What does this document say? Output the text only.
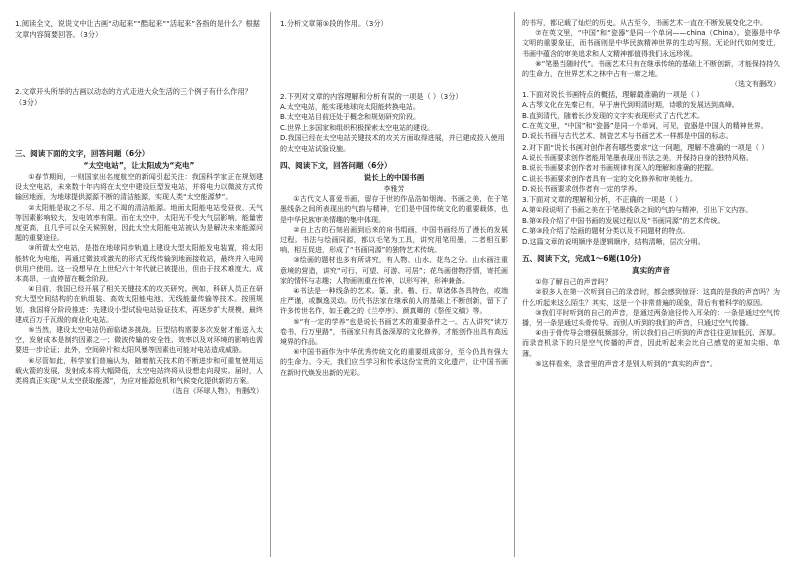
1.阅读全文，说说文中让古画“动起来”“酷起来”“活起来”各指的是什么？根据文章内容简要回答。（3分）

2.文章开头所举的古画以动态的方式走进大众生活的三个例子有什么作用？（3分）

三、阅读下面的文字，回答问题（6分）

“太空电站”，让太阳成为“充电”

①春节期间，一则国家出名度航空的新闻引起关注：我国科学家正在规划建设太空电站，未来数十年内将在太空中建设巨型发电站，并将电力以微波方式传输回地面，为地球提供源源不断的清洁能源，实现人类“太空能源梦”。

②太阳能是取之不尽、用之不竭的清洁能源。地面太阳能电站受昼夜、天气等因素影响较大，发电效率有限。而在太空中，太阳光不受大气层影响，能量密度更高，且几乎可以全天候照射，因此太空太阳能电站被认为是解决未来能源问题的重要途径。

③所谓太空电站，是指在地球同步轨道上建设大型太阳能发电装置，将太阳能转化为电能，再通过微波或激光的形式无线传输到地面接收站，最终并入电网供用户使用。这一设想早在上世纪六十年代就已被提出，但由于技术难度大、成本高昂，一直停留在概念阶段。

④目前，我国已经开展了相关关键技术的攻关研究。例如，科研人员正在研究大型空间结构的在轨组装、高效太阳能电池、无线能量传输等技术。按照规划，我国将分阶段推进：先建设小型试验电站验证技术，再逐步扩大规模，最终建成百万千瓦级的商业化电站。

⑤当然，建设太空电站仍面临诸多挑战。巨型结构需要多次发射才能送入太空，发射成本是制约因素之一；微波传输的安全性、效率以及对环境的影响也需要进一步论证；此外，空间碎片和太阳风暴等因素也可能对电站造成威胁。

⑥尽管如此，科学家们普遍认为，随着航天技术的不断进步和可重复使用运载火箭的发展，发射成本将大幅降低，太空电站终将从设想走向现实。届时，人类将真正实现“从太空获取能源”，为应对能源危机和气候变化提供新的方案。

（选自《环球人物》，有删改）

1.分析文章第⑤段的作用。（3分）

2.下列对文章的内容理解和分析有误的一项是（ ）（3分）

A.太空电站，能实现地球向太阳能转换电站。

B.太空电站目前还处于概念和规划研究阶段。

C.世界上多国家和组织积极探索太空电站的建设。

D.我国已经在太空电站关键技术的攻关方面取得进展，并已建成投入使用的太空电站试验设施。

四、阅读下文，回答问题（6分）

说长上的中国书画

李雅芳

①古代文人喜爱书画，留存于世的作品浩如烟海。书画之美，在于笔墨线条之间所表现出的气韵与精神，它们是中国传统文化的重要载体，也是中华民族审美情趣的集中体现。

②自上古的石刻岩画到后来的帛书绢画，中国书画经历了漫长的发展过程。书法与绘画同源，都以毛笔为工具，讲究用笔用墨，二者相互影响、相互促进，形成了“书画同源”的独特艺术传统。

③绘画的题材也多有所讲究，有人物、山水、花鸟之分。山水画注重意境的营造，讲究“可行、可望、可游、可居”；花鸟画借物抒情，寄托画家的情怀与志趣；人物画则重在传神，以形写神，形神兼备。

④书法是一种线条的艺术。篆、隶、楷、行、草诸体各具特色，或端庄严谨，或飘逸灵动。历代书法家在继承前人的基础上不断创新，留下了许多传世名作，如王羲之的《兰亭序》、颜真卿的《祭侄文稿》等。

⑤“有一定的学养”也是说长书画艺术的重要条件之一。古人讲究“读万卷书，行万里路”，书画家只有具备深厚的文化修养，才能创作出具有高远境界的作品。

⑥中国书画作为中华优秀传统文化的重要组成部分，至今仍具有强大的生命力。今天，我们应当学习和传承这份宝贵的文化遗产，让中国书画在新时代焕发出新的光彩。

的书写，都记载了灿烂的历史。从古至今，书画艺术一直在不断发展变化之中。

⑦在英文里，“中国”和“瓷器”是同一个单词——china（China）。瓷器是中华文明的重要象征，而书画则是中华民族精神世界的生动写照。无论时代如何变迁，书画中蕴含的审美追求和人文精神都值得我们永远珍视。

⑧“笔墨当随时代”。书画艺术只有在继承传统的基础上不断创新，才能保持持久的生命力，在世界艺术之林中占有一席之地。

（选文有删改）

1.下面对说长书画特点的概括，理解最准确的一项是（ ）

A.古琴文化在先秦已有，早于唐代到明清时期，诗歌的发展达到高峰。

B.直到清代，随着长沙发现的文字实表现形式了古代艺术。

C.在英文里，“中国”和“瓷器”是同一个单词，可见，瓷器是中国人的精神世界。

D.说长书画与古代艺术、制瓷艺术与书画艺术一样都是中国的标志。

2.对下面“说长书画对创作者有哪些要求”这一问题，理解不准确的一项是（ ）

A.说长书画要求创作者能用笔墨表现出书法之美，并保持自身的独特风格。

B.说长书画要求创作者对书画规律有深入的理解和准确的把握。

C.说长书画要求创作者具有一定的文化修养和审美能力。

D.说长书画要求创作者有一定的学养。

3.下面对文章的理解和分析，不正确的一项是（ ）

A.第①段说明了书画之美在于笔墨线条之间的气韵与精神，引出下文内容。

B.第②段介绍了中国书画的发展过程以及“书画同源”的艺术传统。

C.第③段介绍了绘画的题材分类以及不同题材的特点。

D.这篇文章的说明顺序是逻辑顺序，结构清晰，层次分明。

五、阅读下文，完成1～6题(10分)

真实的声音

①你了解自己的声音吗？

②很多人在第一次听到自己的录音时，都会感到惊讶：这真的是我的声音吗？为什么听起来这么陌生？其实，这是一个非常普遍的现象，背后有着科学的原因。

③我们平时听到的自己的声音，是通过两条途径传入耳朵的：一条是通过空气传播，另一条是通过头骨传导。而别人听到的我们的声音，只通过空气传播。

④由于骨传导会增强低频部分，所以我们自己听到的声音往往更加低沉、浑厚。而录音机录下的只是空气传播的声音，因此听起来会比自己感觉的更加尖细、单薄。

⑤这样看来，录音里的声音才是别人听到的“真实的声音”。
